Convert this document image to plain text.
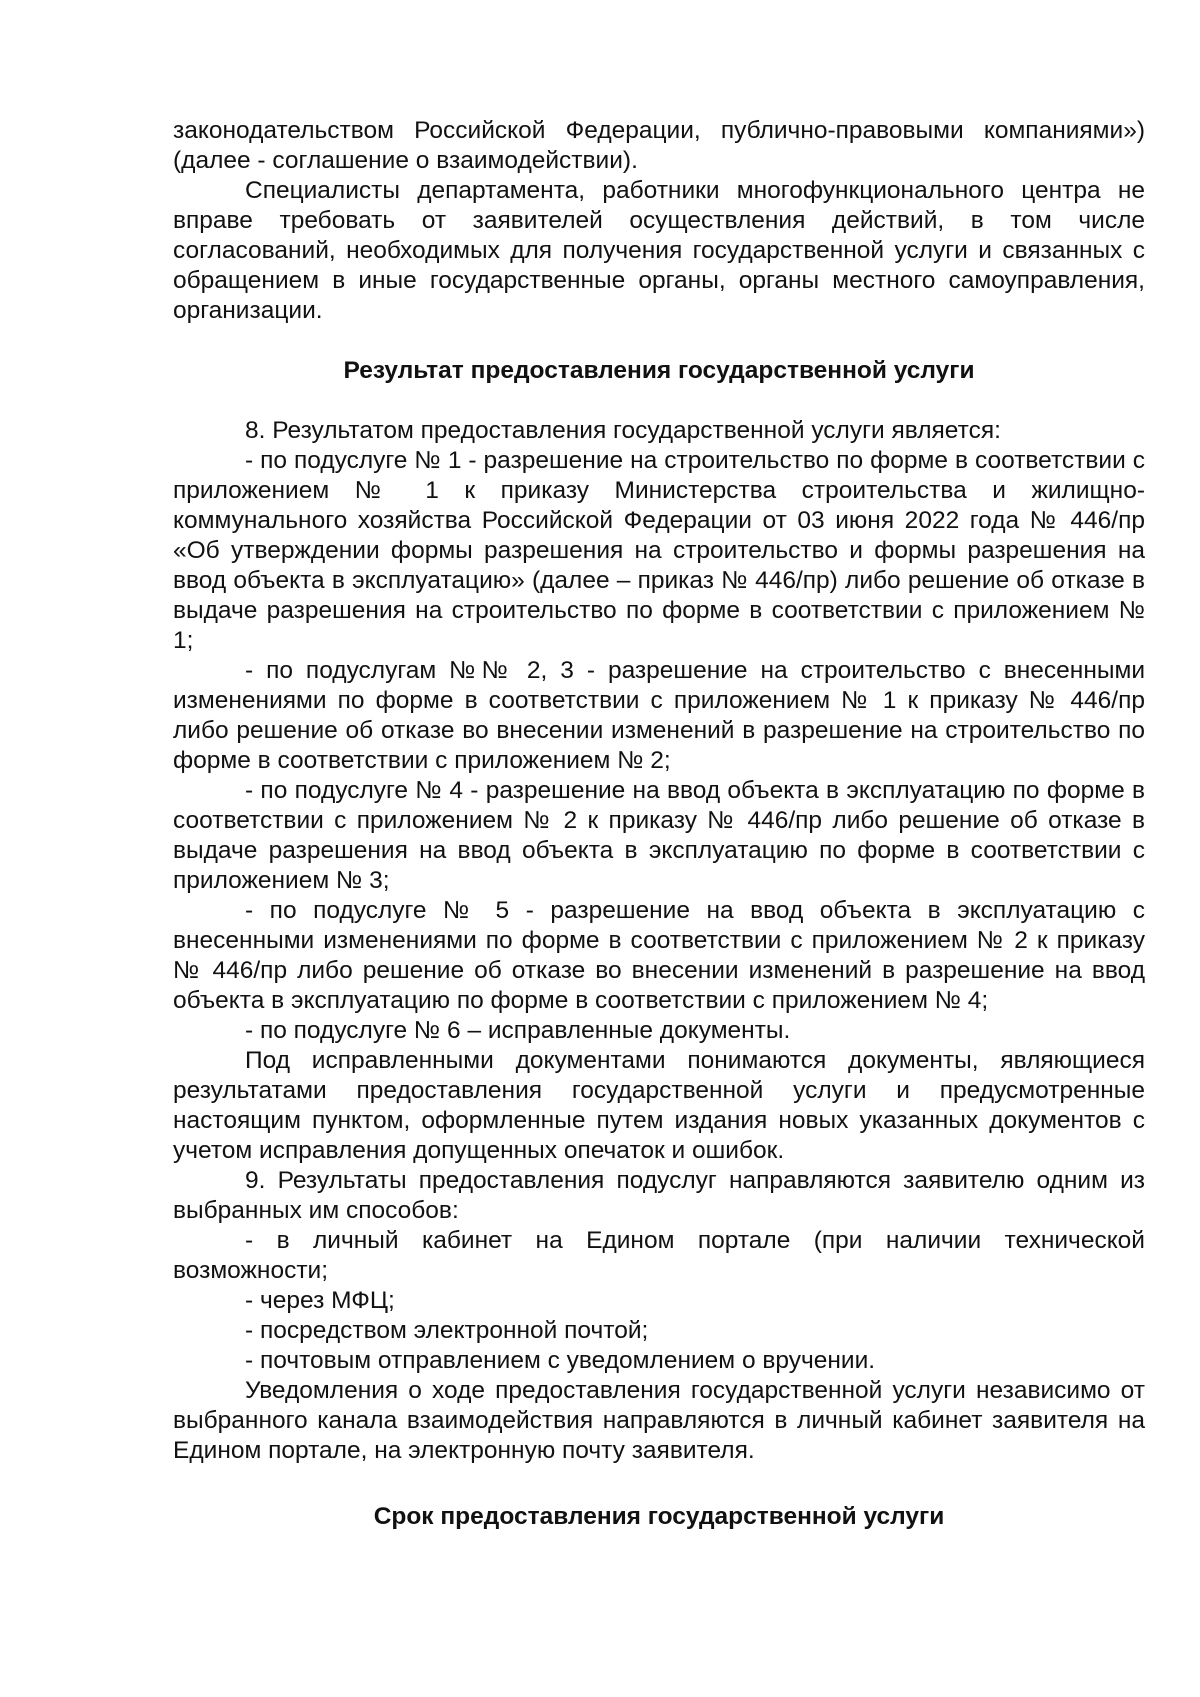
законодательством Российской Федерации, публично-правовыми компаниями») (далее - соглашение о взаимодействии).

Специалисты департамента, работники многофункционального центра не вправе требовать от заявителей осуществления действий, в том числе согласований, необходимых для получения государственной услуги и связанных с обращением в иные государственные органы, органы местного самоуправления, организации.

Результат предоставления государственной услуги

8. Результатом предоставления государственной услуги является:

- по подуслуге № 1 - разрешение на строительство по форме в соответствии с приложением № 1 к приказу Министерства строительства и жилищно-коммунального хозяйства Российской Федерации от 03 июня 2022 года № 446/пр «Об утверждении формы разрешения на строительство и формы разрешения на ввод объекта в эксплуатацию» (далее – приказ № 446/пр) либо решение об отказе в выдаче разрешения на строительство по форме в соответствии с приложением № 1;

- по подуслугам №№ 2, 3 - разрешение на строительство с внесенными изменениями по форме в соответствии с приложением № 1 к приказу № 446/пр либо решение об отказе во внесении изменений в разрешение на строительство по форме в соответствии с приложением № 2;

- по подуслуге № 4 - разрешение на ввод объекта в эксплуатацию по форме в соответствии с приложением № 2 к приказу № 446/пр либо решение об отказе в выдаче разрешения на ввод объекта в эксплуатацию по форме в соответствии с приложением № 3;

- по подуслуге № 5 - разрешение на ввод объекта в эксплуатацию с внесенными изменениями по форме в соответствии с приложением № 2 к приказу № 446/пр либо решение об отказе во внесении изменений в разрешение на ввод объекта в эксплуатацию по форме в соответствии с приложением № 4;

- по подуслуге № 6 – исправленные документы.

Под исправленными документами понимаются документы, являющиеся результатами предоставления государственной услуги и предусмотренные настоящим пунктом, оформленные путем издания новых указанных документов с учетом исправления допущенных опечаток и ошибок.

9. Результаты предоставления подуслуг направляются заявителю одним из выбранных им способов:

- в личный кабинет на Едином портале (при наличии технической возможности;

- через МФЦ;

- посредством электронной почтой;

- почтовым отправлением с уведомлением о вручении.

Уведомления о ходе предоставления государственной услуги независимо от выбранного канала взаимодействия направляются в личный кабинет заявителя на Едином портале, на электронную почту заявителя.

Срок предоставления государственной услуги
